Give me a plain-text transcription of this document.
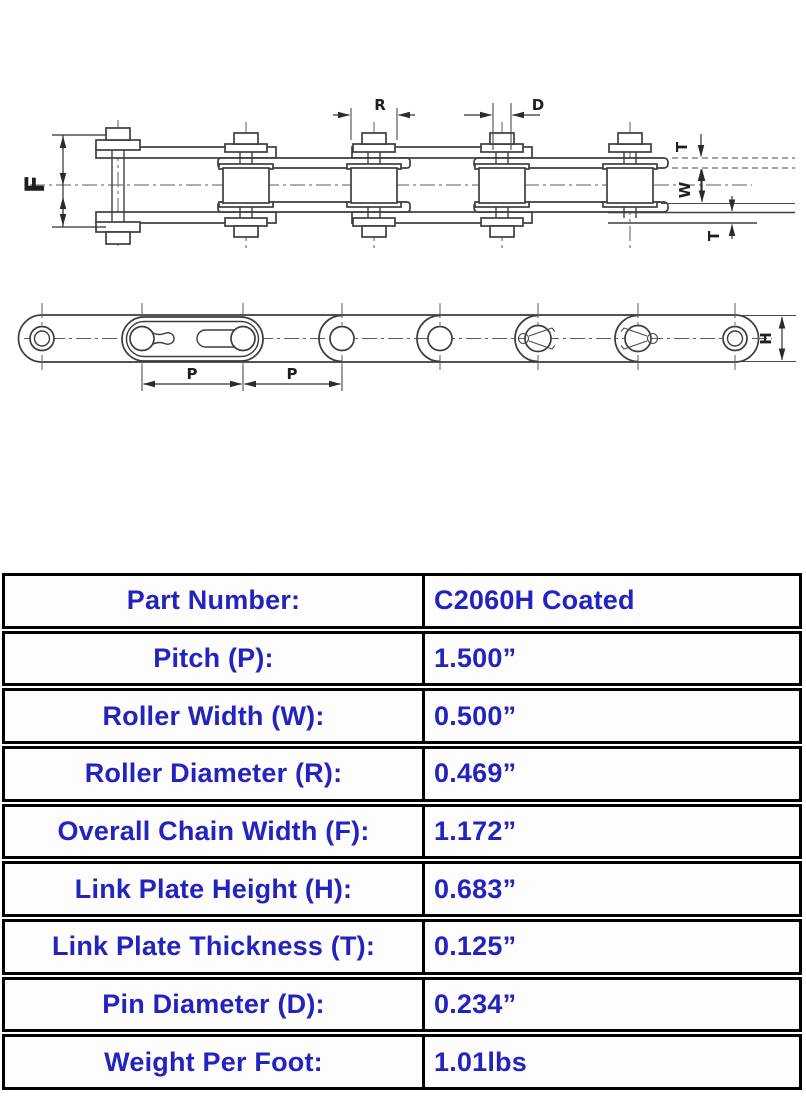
F
R	D
T
W
T
P	P
H
Part Number:	C2060H Coated
Pitch (P):	1.500”
Roller Width (W):	0.500”
Roller Diameter (R):	0.469”
Overall Chain Width (F):	1.172”
Link Plate Height (H):	0.683”
Link Plate Thickness (T):	0.125”
Pin Diameter (D):	0.234”
Weight Per Foot:	1.01lbs
